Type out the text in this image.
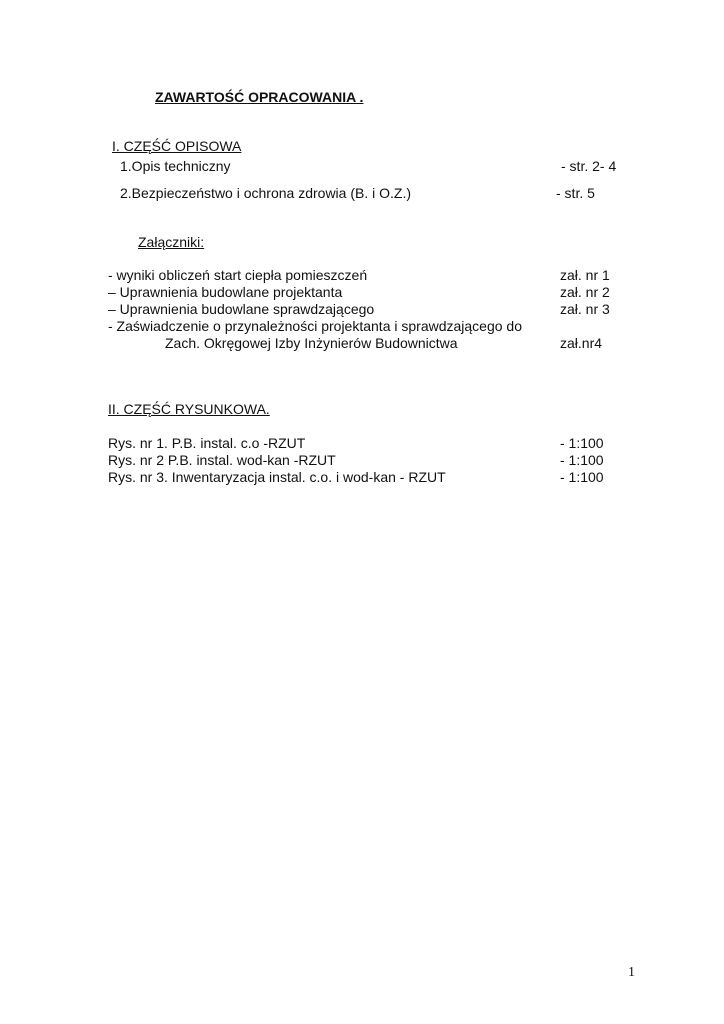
ZAWARTOŚĆ OPRACOWANIA .
I. CZĘŚĆ OPISOWA
1.Opis techniczny	- str. 2- 4
2.Bezpieczeństwo i ochrona zdrowia (B. i O.Z.)	- str. 5
Załączniki:
- wyniki obliczeń start ciepła pomieszczeń	zał. nr 1
– Uprawnienia budowlane projektanta	zał. nr 2
– Uprawnienia budowlane sprawdzającego	zał. nr 3
- Zaświadczenie o przynależności projektanta i sprawdzającego do
Zach. Okręgowej Izby Inżynierów Budownictwa	zał.nr4
II. CZĘŚĆ RYSUNKOWA.
Rys. nr 1. P.B. instal. c.o -RZUT	- 1:100
Rys. nr 2 P.B. instal. wod-kan -RZUT	- 1:100
Rys. nr 3. Inwentaryzacja instal. c.o. i wod-kan - RZUT	- 1:100
1
